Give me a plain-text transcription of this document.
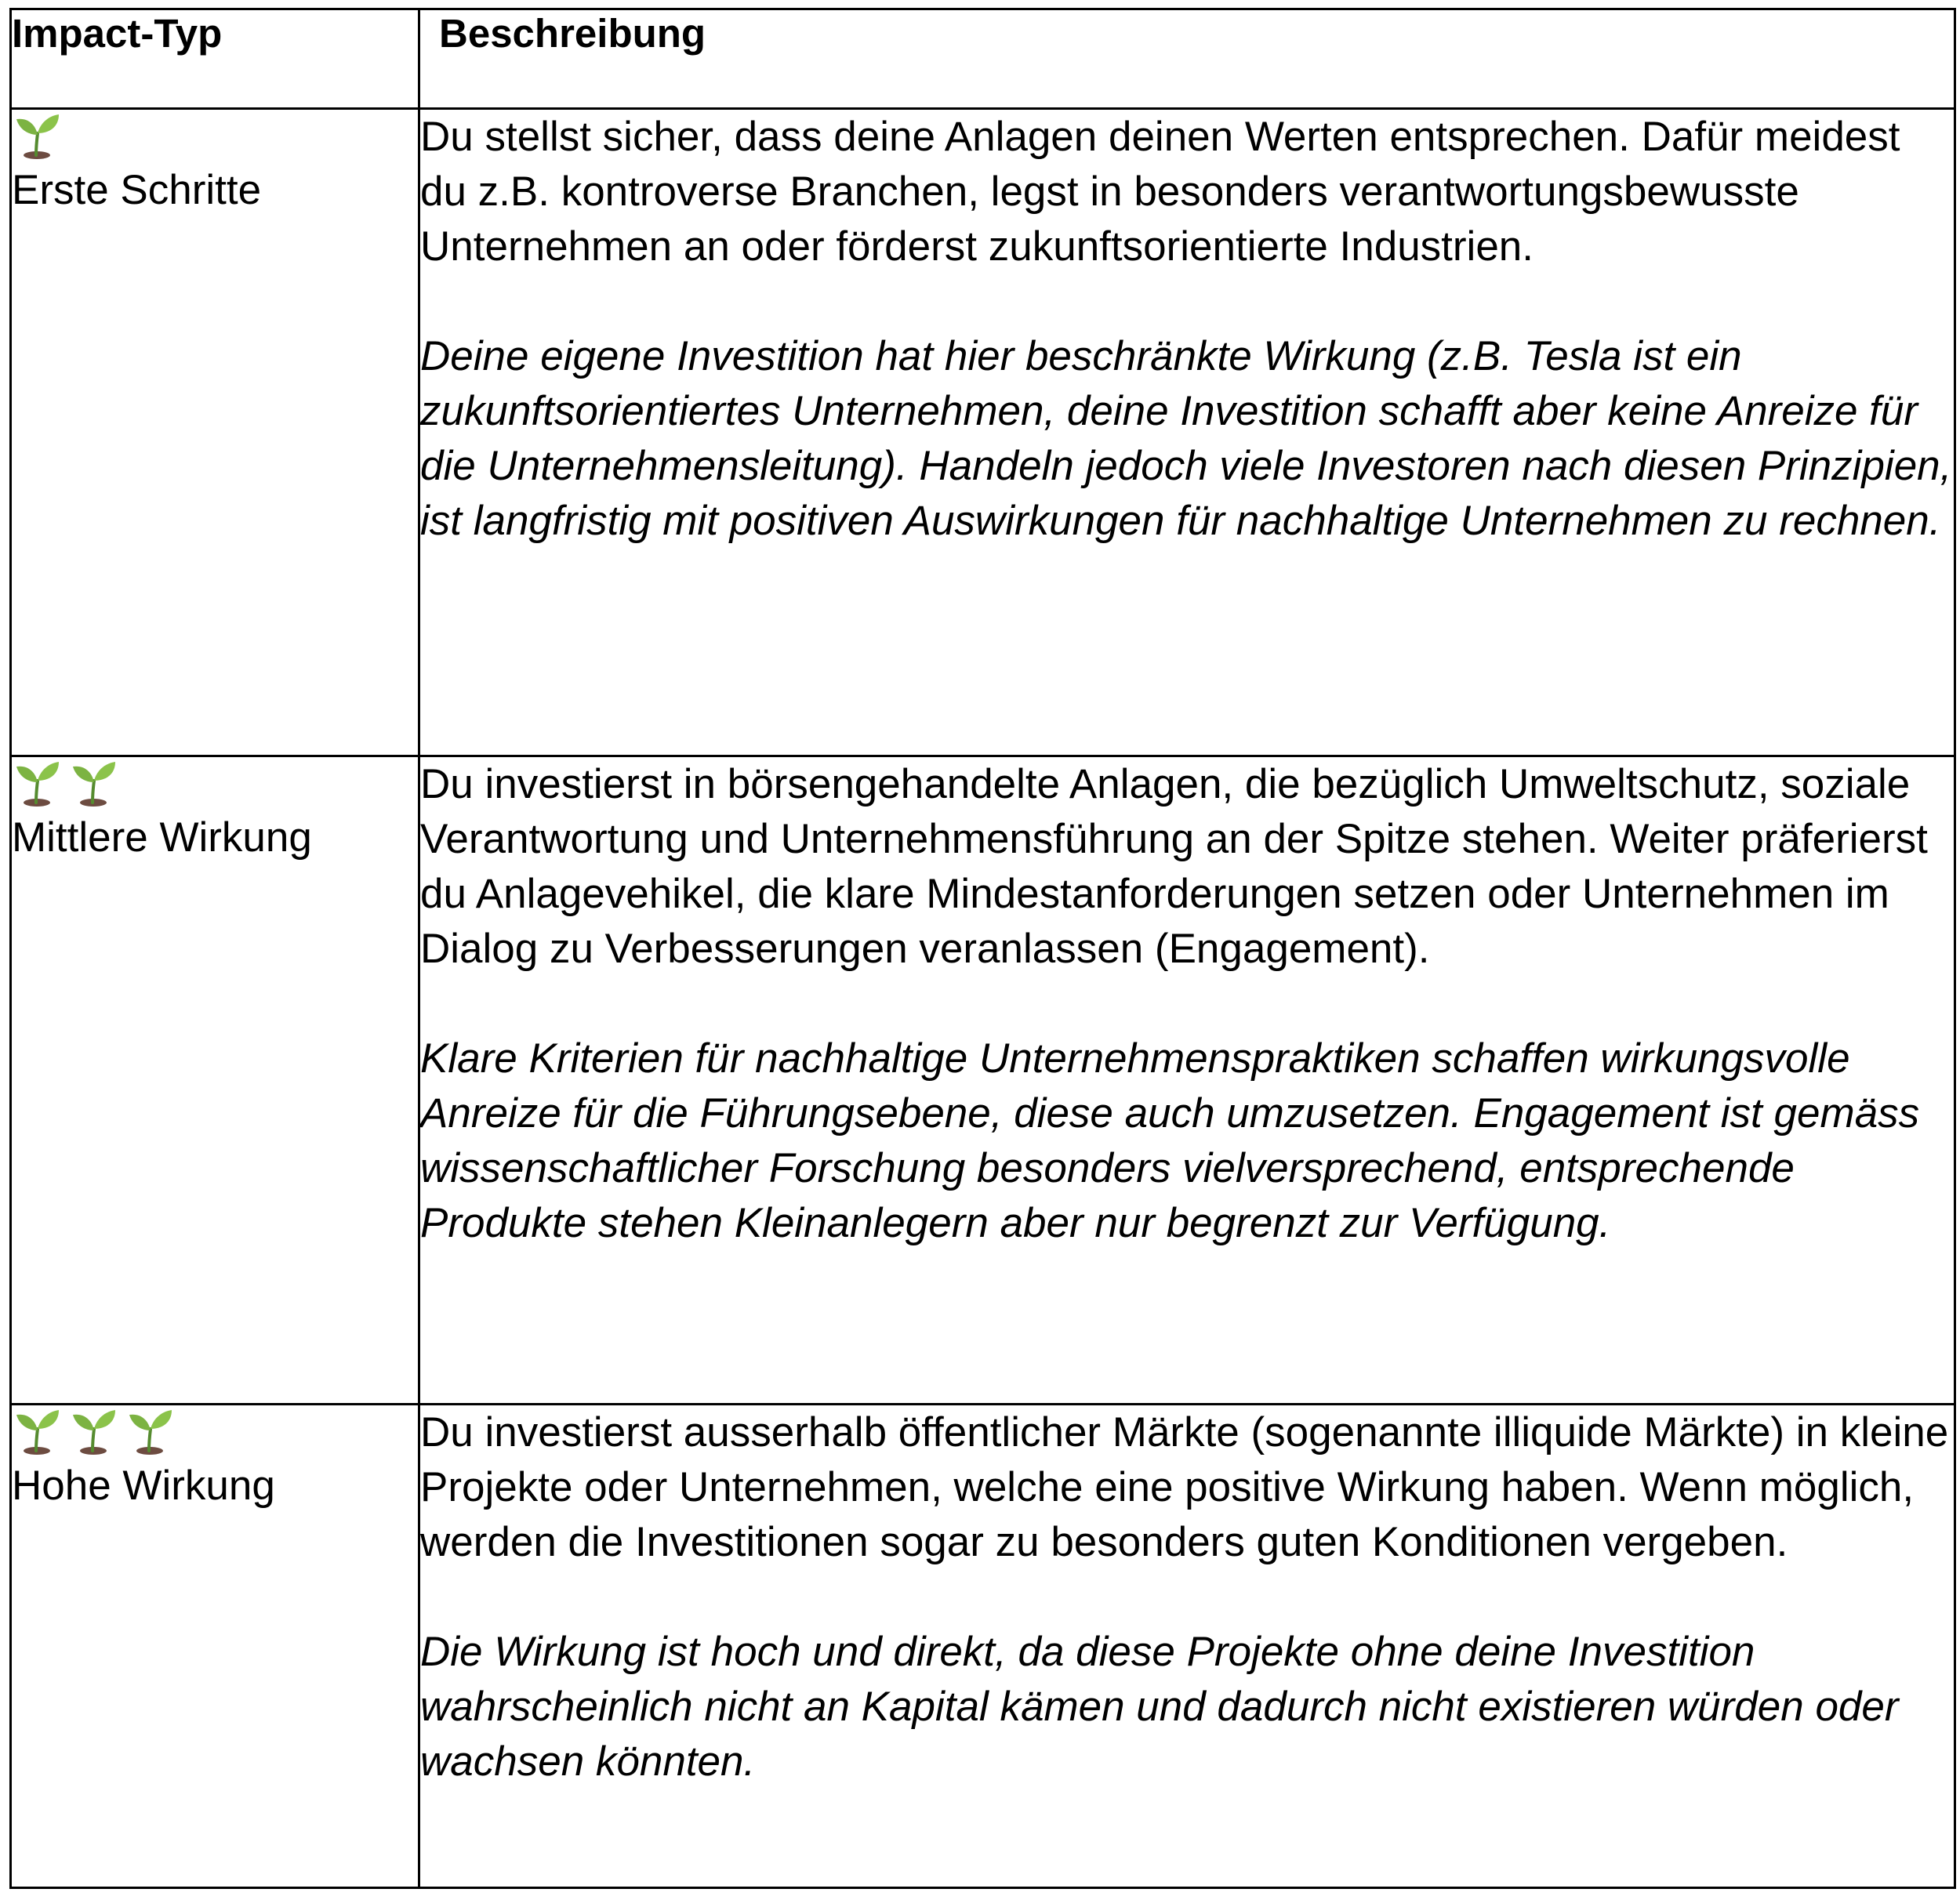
Impact-Typ	Beschreibung

Erste Schritte	Du stellst sicher, dass deine Anlagen deinen Werten entsprechen. Dafür meidest du z.B. kontroverse Branchen, legst in besonders verantwortungsbewusste Unternehmen an oder förderst zukunftsorientierte Industrien.

Deine eigene Investition hat hier beschränkte Wirkung (z.B. Tesla ist ein zukunftsorientiertes Unternehmen, deine Investition schafft aber keine Anreize für die Unternehmensleitung). Handeln jedoch viele Investoren nach diesen Prinzipien, ist langfristig mit positiven Auswirkungen für nachhaltige Unternehmen zu rechnen.

Mittlere Wirkung	Du investierst in börsengehandelte Anlagen, die bezüglich Umweltschutz, soziale Verantwortung und Unternehmensführung an der Spitze stehen. Weiter präferierst du Anlagevehikel, die klare Mindestanforderungen setzen oder Unternehmen im Dialog zu Verbesserungen veranlassen (Engagement).

Klare Kriterien für nachhaltige Unternehmenspraktiken schaffen wirkungsvolle Anreize für die Führungsebene, diese auch umzusetzen. Engagement ist gemäss wissenschaftlicher Forschung besonders vielversprechend, entsprechende Produkte stehen Kleinanlegern aber nur begrenzt zur Verfügung.

Hohe Wirkung	Du investierst ausserhalb öffentlicher Märkte (sogenannte illiquide Märkte) in kleine Projekte oder Unternehmen, welche eine positive Wirkung haben. Wenn möglich, werden die Investitionen sogar zu besonders guten Konditionen vergeben.

Die Wirkung ist hoch und direkt, da diese Projekte ohne deine Investition wahrscheinlich nicht an Kapital kämen und dadurch nicht existieren würden oder wachsen könnten.
